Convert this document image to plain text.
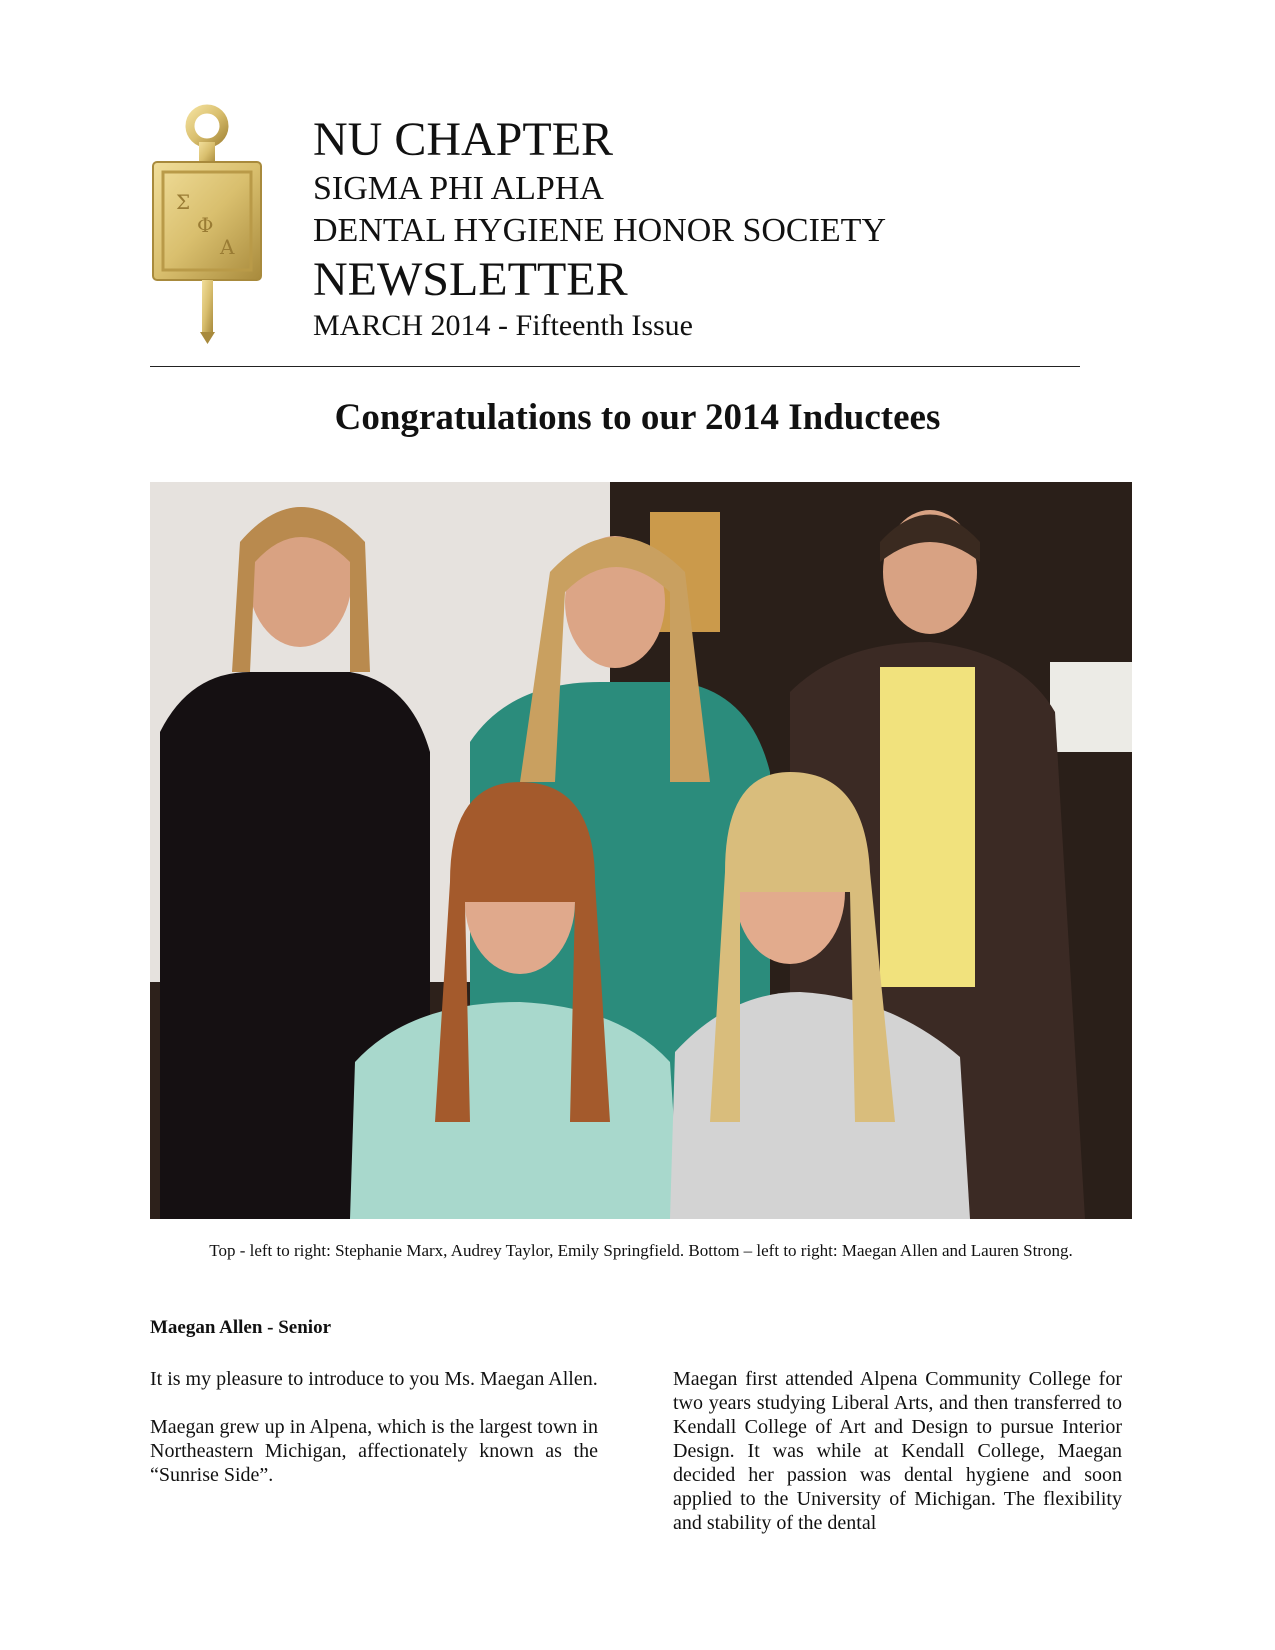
Σ
Φ
Α
NU CHAPTER
SIGMA PHI ALPHA
DENTAL HYGIENE HONOR SOCIETY
NEWSLETTER
MARCH 2014 - Fifteenth Issue
Congratulations to our 2014 Inductees
Top - left to right: Stephanie Marx, Audrey Taylor, Emily Springfield. Bottom – left to right: Maegan Allen and Lauren Strong.
Maegan Allen - Senior

It is my pleasure to introduce to you Ms. Maegan Allen.

Maegan grew up in Alpena, which is the largest town in Northeastern Michigan, affectionately known as the “Sunrise Side”.

Maegan first attended Alpena Community College for two years studying Liberal Arts, and then transferred to Kendall College of Art and Design to pursue Interior Design. It was while at Kendall College, Maegan decided her passion was dental hygiene and soon applied to the University of Michigan. The flexibility and stability of the dental
